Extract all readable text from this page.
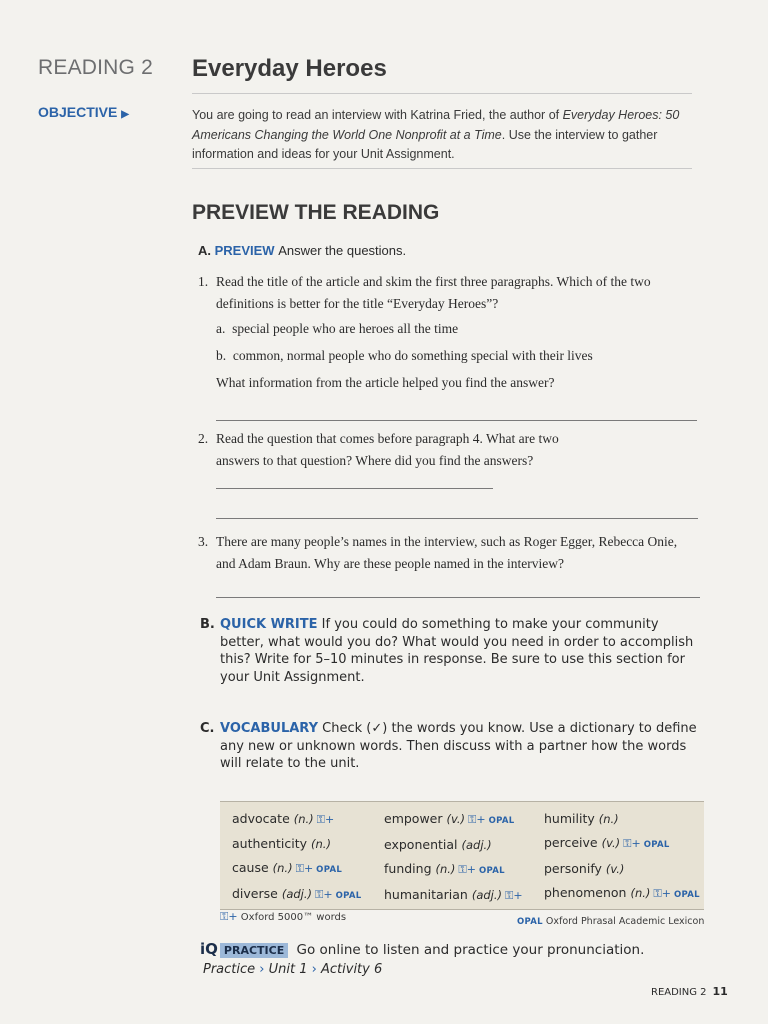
READING 2 Everyday Heroes
OBJECTIVE ▶	You are going to read an interview with Katrina Fried, the author of Everyday Heroes: 50 Americans Changing the World One Nonprofit at a Time. Use the interview to gather information and ideas for your Unit Assignment.
PREVIEW THE READING
A. PREVIEW Answer the questions.
1. Read the title of the article and skim the first three paragraphs. Which of the two definitions is better for the title “Everyday Heroes”?
a. special people who are heroes all the time
b. common, normal people who do something special with their lives
What information from the article helped you find the answer?
2. Read the question that comes before paragraph 4. What are two answers to that question? Where did you find the answers?
3. There are many people’s names in the interview, such as Roger Egger, Rebecca Onie, and Adam Braun. Why are these people named in the interview?
B. QUICK WRITE If you could do something to make your community better, what would you do? What would you need in order to accomplish this? Write for 5–10 minutes in response. Be sure to use this section for your Unit Assignment.
C. VOCABULARY Check (✓) the words you know. Use a dictionary to define any new or unknown words. Then discuss with a partner how the words will relate to the unit.
advocate (n.) ⚿+
authenticity (n.)
cause (n.) ⚿+ OPAL
diverse (adj.) ⚿+ OPAL
empower (v.) ⚿+ OPAL
exponential (adj.)
funding (n.) ⚿+ OPAL
humanitarian (adj.) ⚿+
humility (n.)
perceive (v.) ⚿+ OPAL
personify (v.)
phenomenon (n.) ⚿+ OPAL
⚿+ Oxford 5000™ words	OPAL Oxford Phrasal Academic Lexicon
iQ PRACTICE Go online to listen and practice your pronunciation.
Practice › Unit 1 › Activity 6
READING 2 11
